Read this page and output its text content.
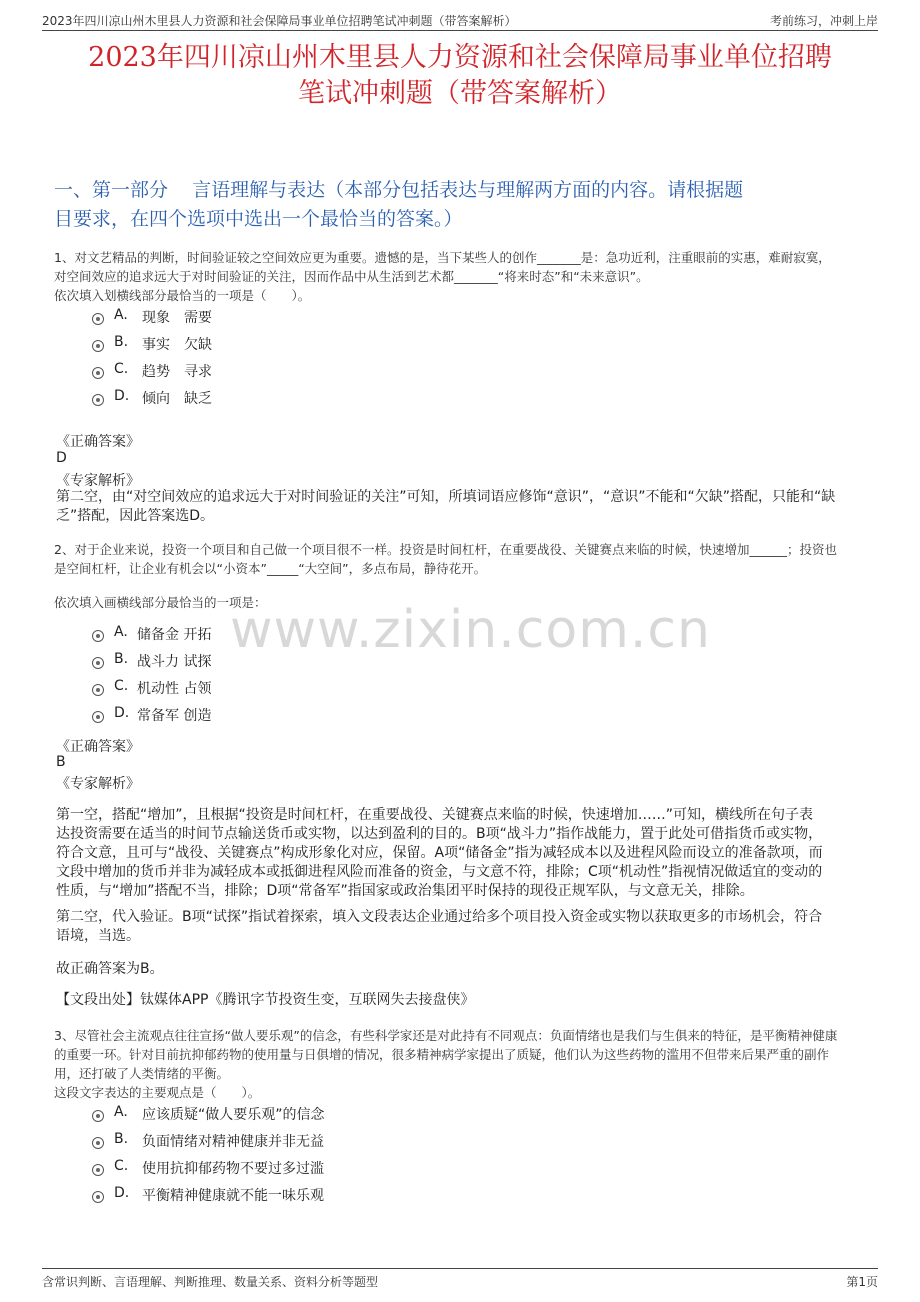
2023年四川凉山州木里县人力资源和社会保障局事业单位招聘笔试冲刺题（带答案解析）	考前练习，冲刺上岸
2023年四川凉山州木里县人力资源和社会保障局事业单位招聘
笔试冲刺题（带答案解析）
一、第一部分    言语理解与表达（本部分包括表达与理解两方面的内容。请根据题
目要求，在四个选项中选出一个最恰当的答案。）
1、对文艺精品的判断，时间验证较之空间效应更为重要。遗憾的是，当下某些人的创作_______是：急功近利，注重眼前的实惠，难耐寂寞，
对空间效应的追求远大于对时间验证的关注，因而作品中从生活到艺术都_______“将来时态”和“未来意识”。
依次填入划横线部分最恰当的一项是（　　）。
A. 现象　需要
B. 事实　欠缺
C. 趋势　寻求
D. 倾向　缺乏
《正确答案》
D
《专家解析》
第二空，由“对空间效应的追求远大于对时间验证的关注”可知，所填词语应修饰“意识”，“意识”不能和“欠缺”搭配，只能和“缺
乏”搭配，因此答案选D。
2、对于企业来说，投资一个项目和自己做一个项目很不一样。投资是时间杠杆，在重要战役、关键赛点来临的时候，快速增加______；投资也
是空间杠杆，让企业有机会以“小资本”_____“大空间”，多点布局，静待花开。
依次填入画横线部分最恰当的一项是：
A. 储备金 开拓
B. 战斗力 试探
C. 机动性 占领
D. 常备军 创造
《正确答案》
B
《专家解析》
第一空，搭配“增加”，且根据“投资是时间杠杆，在重要战役、关键赛点来临的时候，快速增加……”可知，横线所在句子表
达投资需要在适当的时间节点输送货币或实物，以达到盈利的目的。B项“战斗力”指作战能力，置于此处可借指货币或实物，
符合文意，且可与“战役、关键赛点”构成形象化对应，保留。A项“储备金”指为减轻成本以及进程风险而设立的准备款项，而
文段中增加的货币并非为减轻成本或抵御进程风险而准备的资金，与文意不符，排除；C项“机动性”指视情况做适宜的变动的
性质，与“增加”搭配不当，排除；D项“常备军”指国家或政治集团平时保持的现役正规军队，与文意无关，排除。
第二空，代入验证。B项“试探”指试着探索，填入文段表达企业通过给多个项目投入资金或实物以获取更多的市场机会，符合
语境，当选。
故正确答案为B。
【文段出处】钛媒体APP《腾讯字节投资生变，互联网失去接盘侠》
3、尽管社会主流观点往往宣扬“做人要乐观”的信念，有些科学家还是对此持有不同观点：负面情绪也是我们与生俱来的特征，是平衡精神健康
的重要一环。针对目前抗抑郁药物的使用量与日俱增的情况，很多精神病学家提出了质疑，他们认为这些药物的滥用不但带来后果严重的副作
用，还打破了人类情绪的平衡。
这段文字表达的主要观点是（　　）。
A. 应该质疑“做人要乐观”的信念
B. 负面情绪对精神健康并非无益
C. 使用抗抑郁药物不要过多过滥
D. 平衡精神健康就不能一味乐观
www.zixin.com.cn
含常识判断、言语理解、判断推理、数量关系、资料分析等题型	第1页
